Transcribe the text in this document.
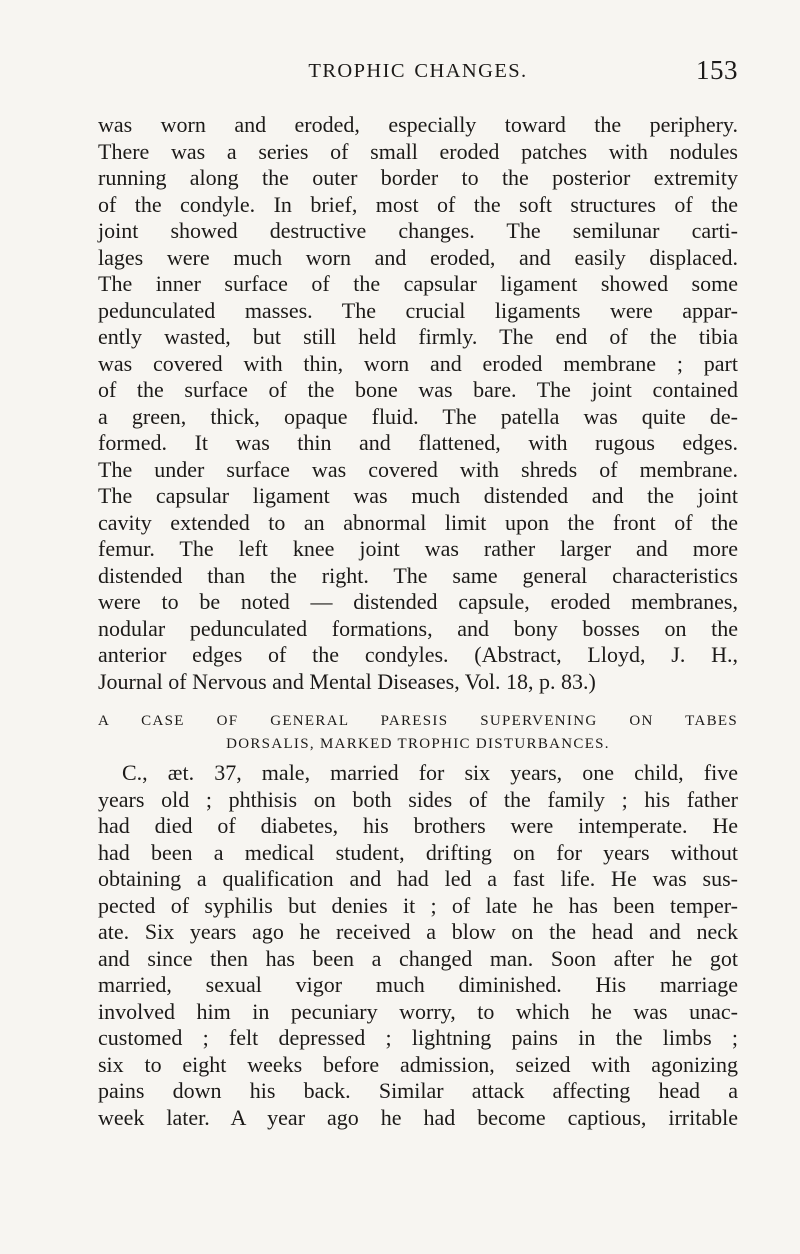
TROPHIC CHANGES.	153
was worn and eroded, especially toward the periphery.
There was a series of small eroded patches with nodules
running along the outer border to the posterior extremity
of the condyle. In brief, most of the soft structures of the
joint showed destructive changes. The semilunar carti-
lages were much worn and eroded, and easily displaced.
The inner surface of the capsular ligament showed some
pedunculated masses. The crucial ligaments were appar-
ently wasted, but still held firmly. The end of the tibia
was covered with thin, worn and eroded membrane ; part
of the surface of the bone was bare. The joint contained
a green, thick, opaque fluid. The patella was quite de-
formed. It was thin and flattened, with rugous edges.
The under surface was covered with shreds of membrane.
The capsular ligament was much distended and the joint
cavity extended to an abnormal limit upon the front of the
femur. The left knee joint was rather larger and more
distended than the right. The same general characteristics
were to be noted — distended capsule, eroded membranes,
nodular pedunculated formations, and bony bosses on the
anterior edges of the condyles. (Abstract, Lloyd, J. H.,
Journal of Nervous and Mental Diseases, Vol. 18, p. 83.)
A CASE OF GENERAL PARESIS SUPERVENING ON TABES
DORSALIS, MARKED TROPHIC DISTURBANCES.
C., æt. 37, male, married for six years, one child, five
years old ; phthisis on both sides of the family ; his father
had died of diabetes, his brothers were intemperate. He
had been a medical student, drifting on for years without
obtaining a qualification and had led a fast life. He was sus-
pected of syphilis but denies it ; of late he has been temper-
ate. Six years ago he received a blow on the head and neck
and since then has been a changed man. Soon after he got
married, sexual vigor much diminished. His marriage
involved him in pecuniary worry, to which he was unac-
customed ; felt depressed ; lightning pains in the limbs ;
six to eight weeks before admission, seized with agonizing
pains down his back. Similar attack affecting head a
week later. A year ago he had become captious, irritable
